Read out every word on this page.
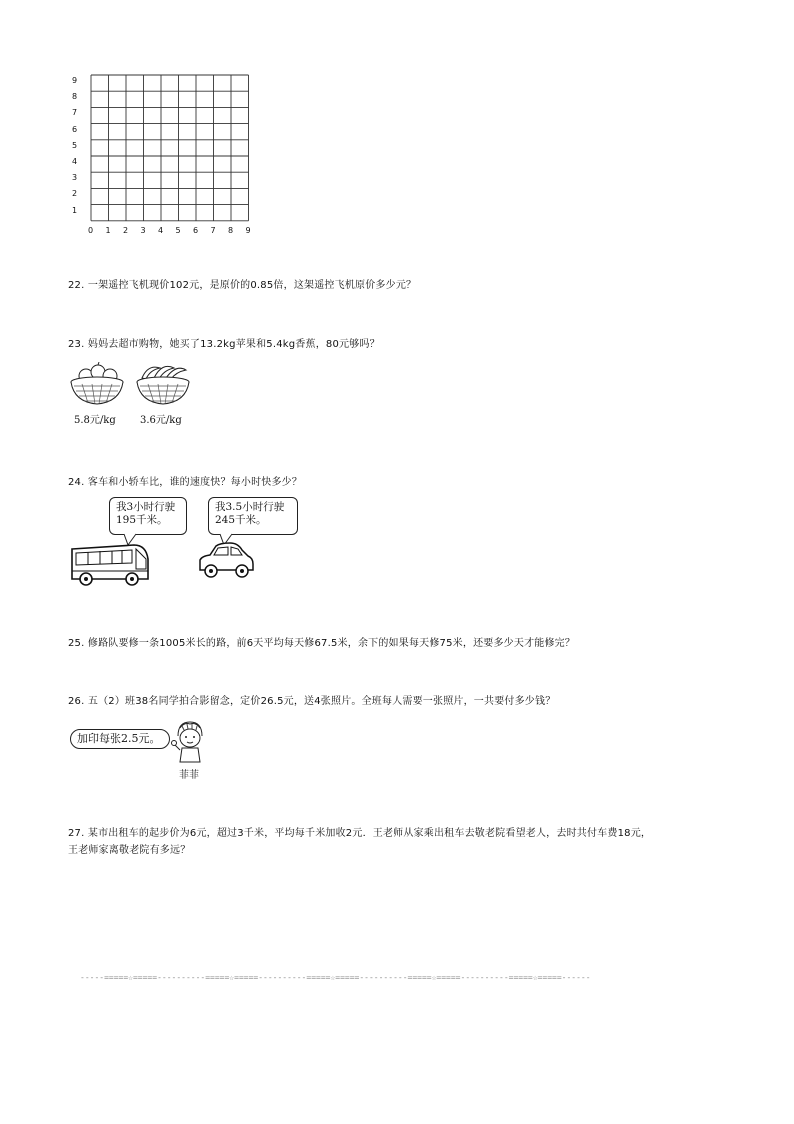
9
8
7
6
5
4
3
2
1
0 1 2 3 4 5 6 7 8 9
22. 一架遥控飞机现价102元，是原价的0.85倍，这架遥控飞机原价多少元？
23. 妈妈去超市购物，她买了13.2kg苹果和5.4kg香蕉，80元够吗？
5.8元/kg 3.6元/kg
24. 客车和小轿车比，谁的速度快？每小时快多少？
我3小时行驶
195千米。
我3.5小时行驶
245千米。
25. 修路队要修一条1005米长的路，前6天平均每天修67.5米，余下的如果每天修75米，还要多少天才能修完？
26. 五（2）班38名同学拍合影留念，定价26.5元，送4张照片。全班每人需要一张照片，一共要付多少钱？
加印每张2.5元。
菲菲
27. 某市出租车的起步价为6元，超过3千米，平均每千米加收2元．王老师从家乘出租车去敬老院看望老人，去时共付车费18元，
王老师家离敬老院有多远？
-----=====☆=====----------=====☆=====----------=====☆=====----------=====☆=====----------=====☆=====------
